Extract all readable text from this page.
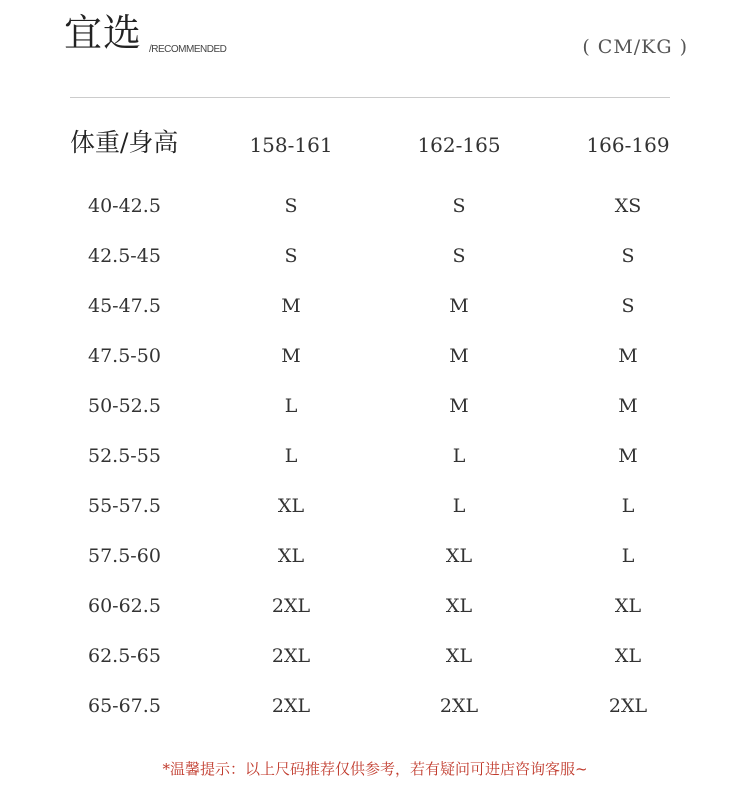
宜选 /RECOMMENDED	( CM/KG )
体重/身高	158-161	162-165	166-169
40-42.5	S	S	XS
42.5-45	S	S	S
45-47.5	M	M	S
47.5-50	M	M	M
50-52.5	L	M	M
52.5-55	L	L	M
55-57.5	XL	L	L
57.5-60	XL	XL	L
60-62.5	2XL	XL	XL
62.5-65	2XL	XL	XL
65-67.5	2XL	2XL	2XL
*温馨提示：以上尺码推荐仅供参考，若有疑问可进店咨询客服~
